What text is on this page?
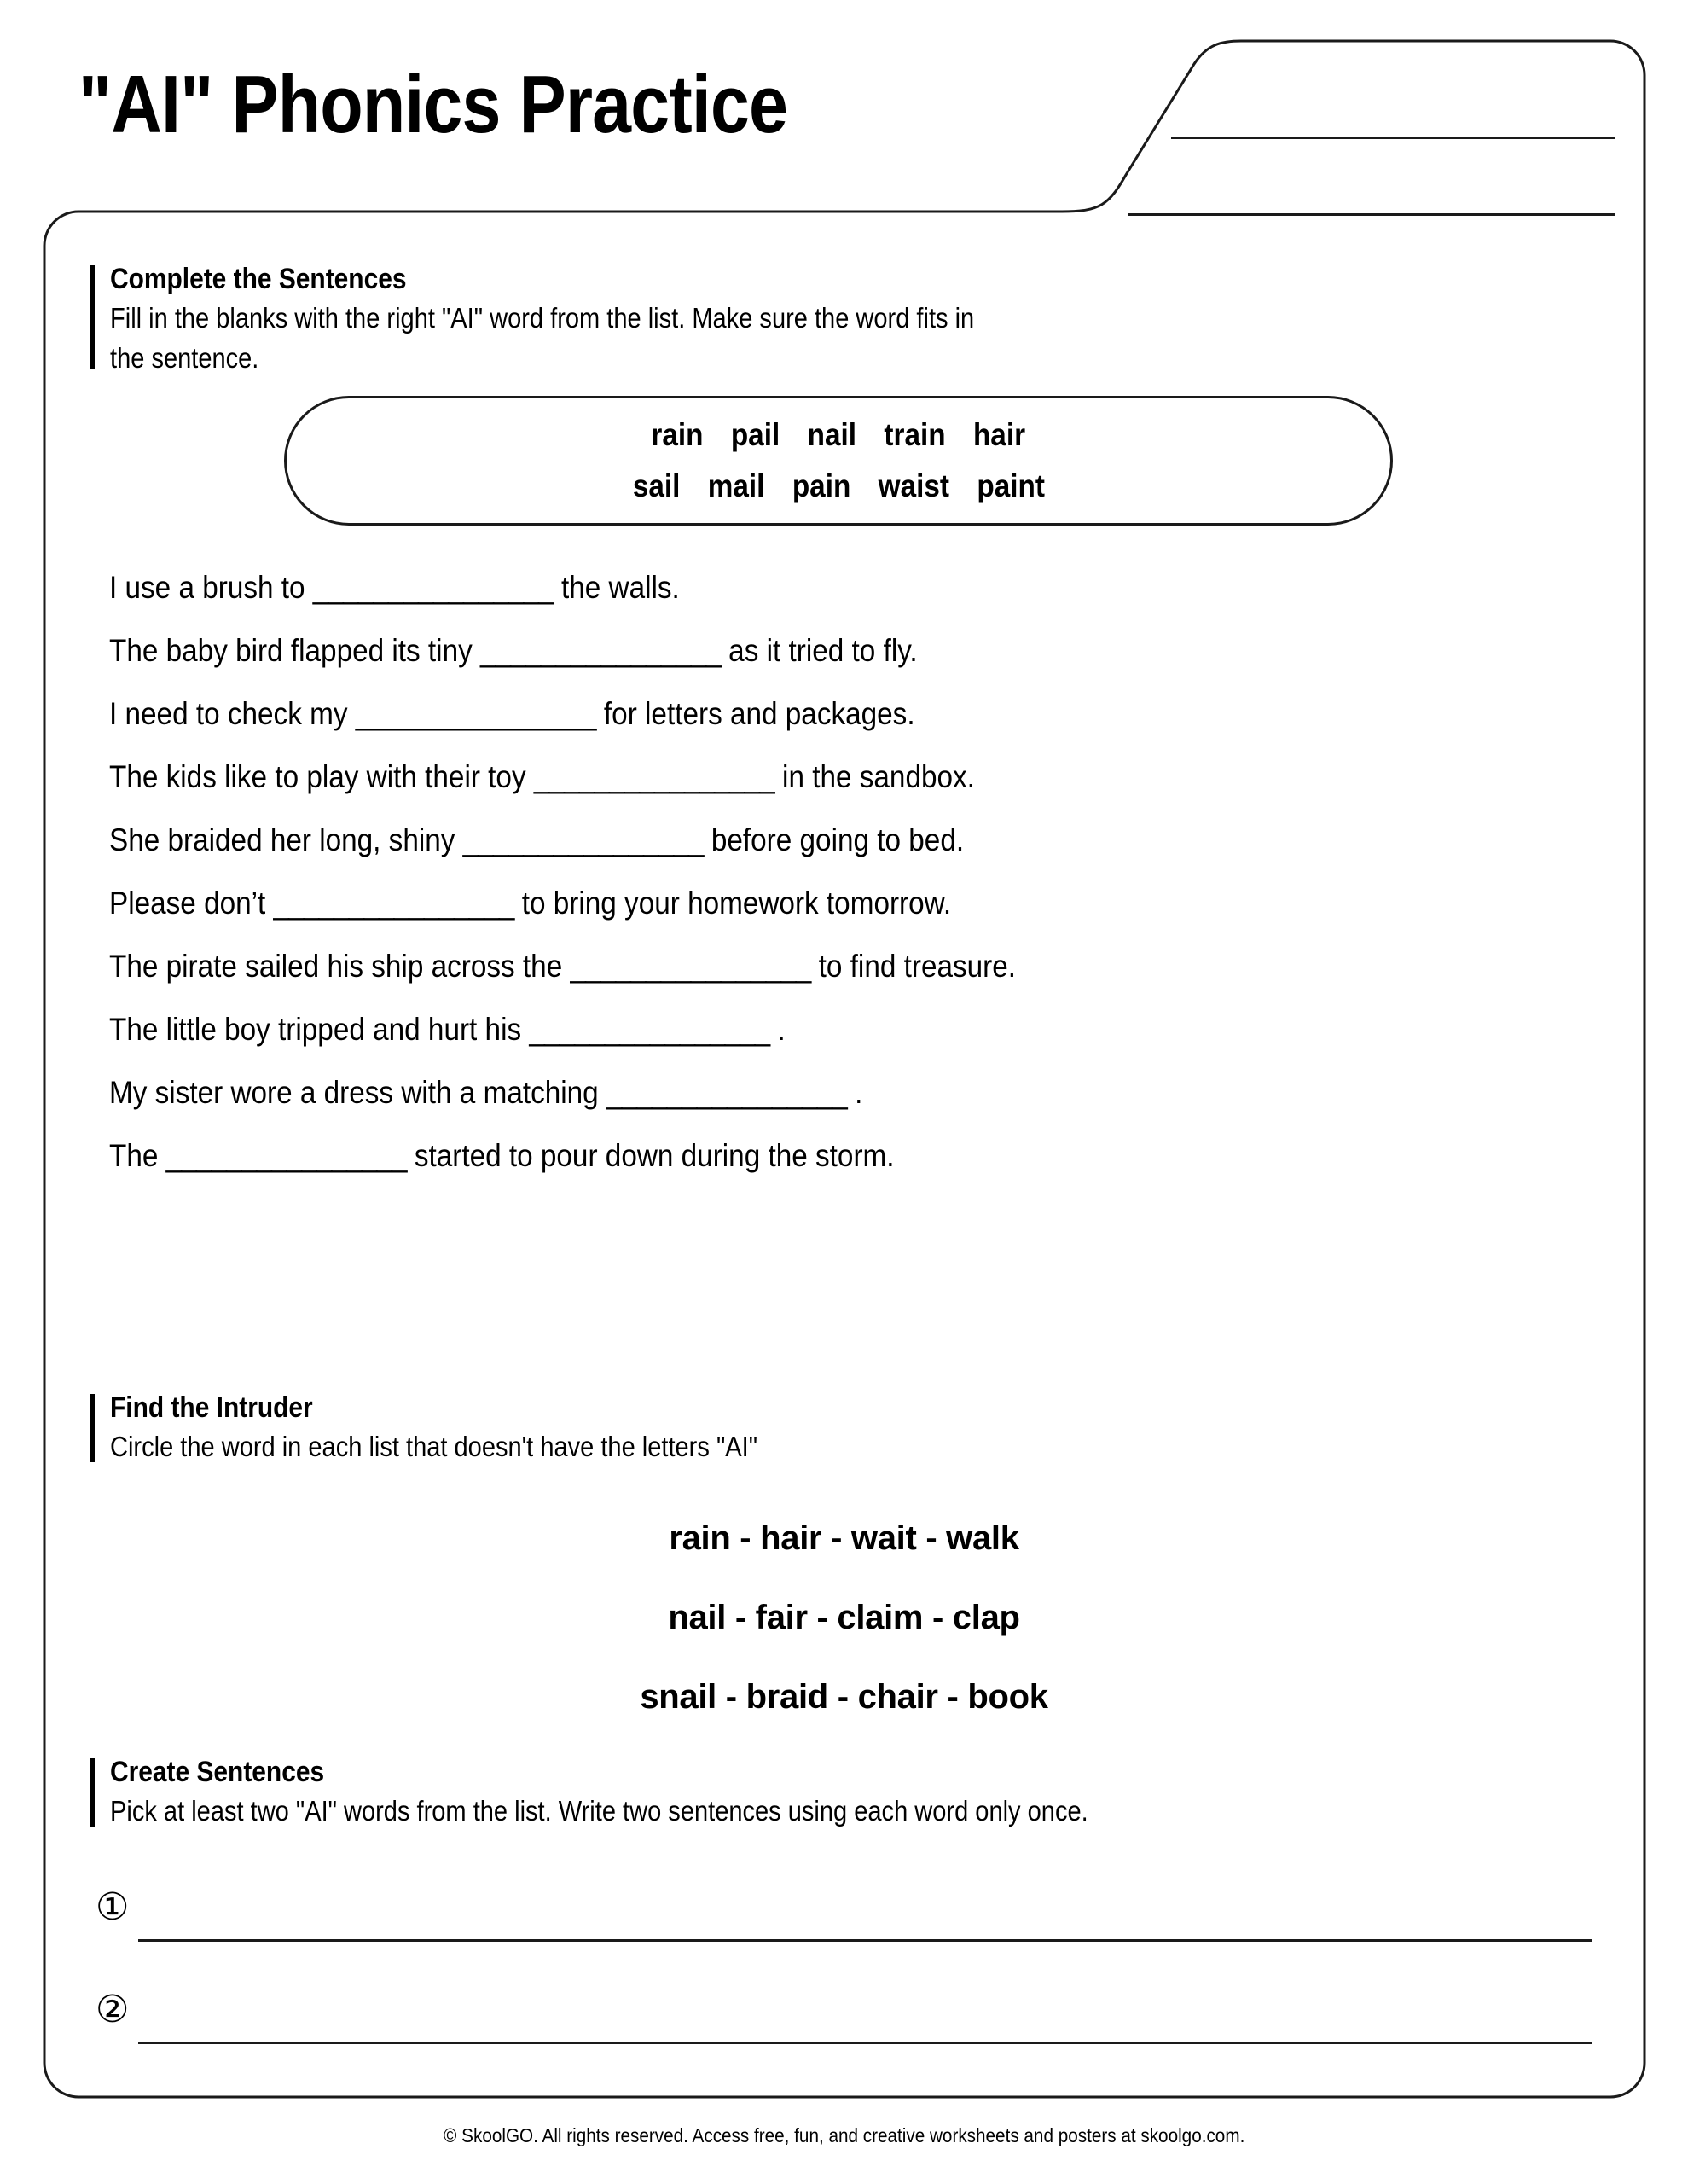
"AI" Phonics Practice
Complete the Sentences
Fill in the blanks with the right "AI" word from the list. Make sure the word fits in the sentence.
rain pail nail train hair
sail mail pain waist paint
I use a brush to ________________ the walls.
The baby bird flapped its tiny ________________ as it tried to fly.
I need to check my ________________ for letters and packages.
The kids like to play with their toy ________________ in the sandbox.
She braided her long, shiny ________________ before going to bed.
Please don’t ________________ to bring your homework tomorrow.
The pirate sailed his ship across the ________________ to find treasure.
The little boy tripped and hurt his ________________ .
My sister wore a dress with a matching ________________ .
The ________________ started to pour down during the storm.
Find the Intruder
Circle the word in each list that doesn't have the letters "AI"
rain - hair - wait - walk
nail - fair - claim - clap
snail - braid - chair - book
Create Sentences
Pick at least two "AI" words from the list. Write two sentences using each word only once.
①
②
© SkoolGO. All rights reserved. Access free, fun, and creative worksheets and posters at skoolgo.com.
